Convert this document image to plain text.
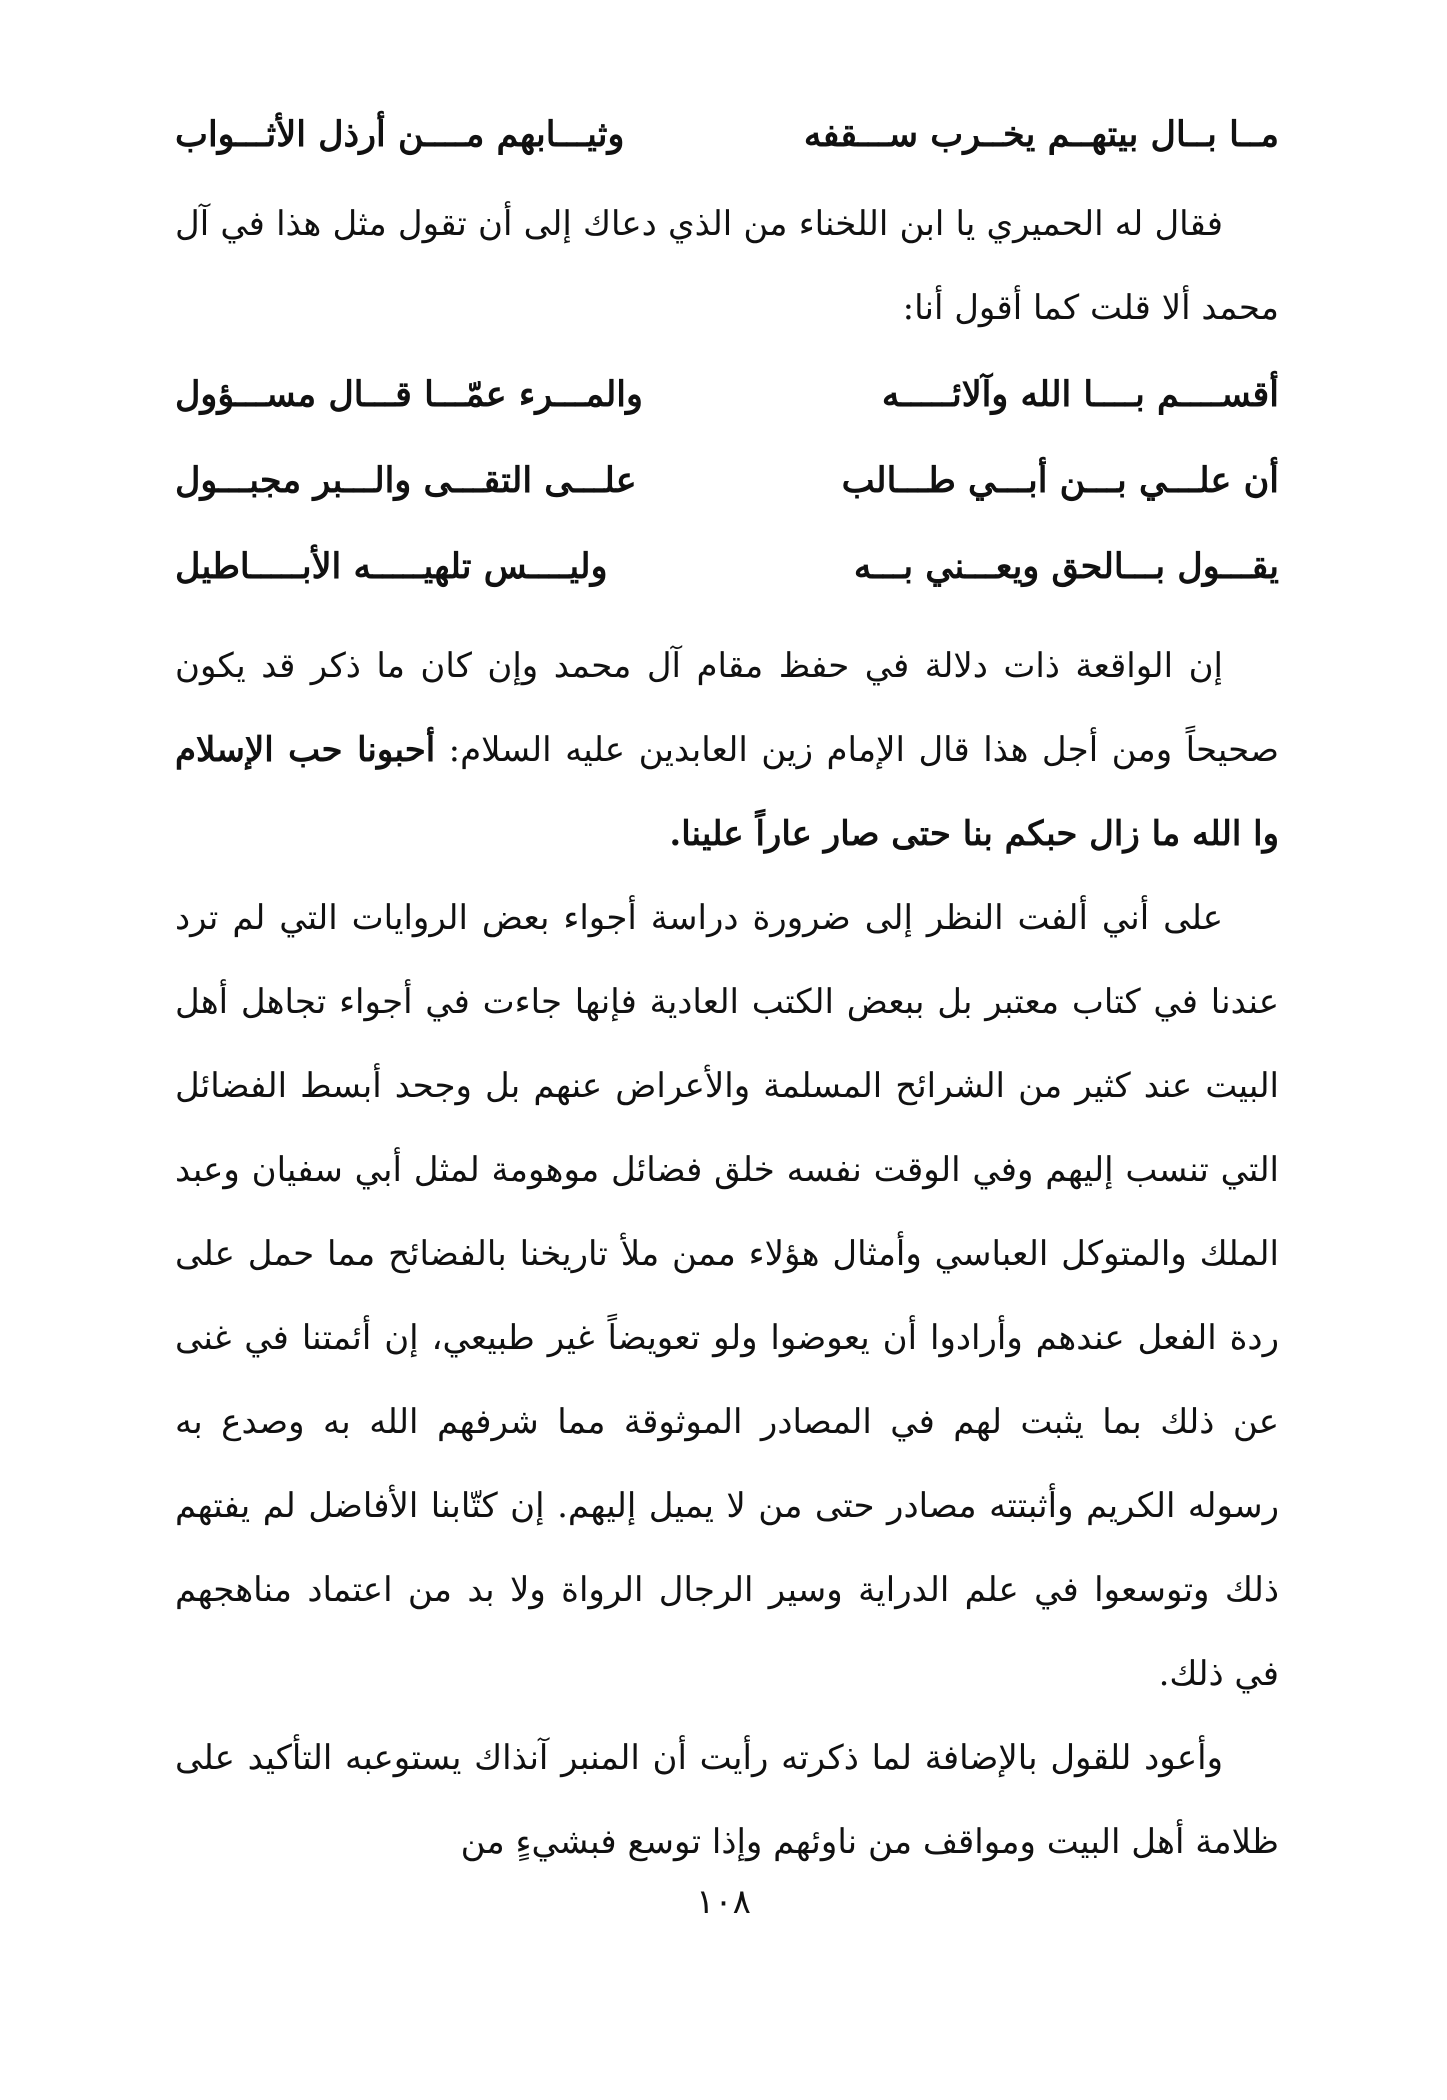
مــا بــال بيتهــم يخــرب ســـقفه
وثيـــابهم مــــن أرذل الأثـــواب

فقال له الحميري يا ابن اللخناء من الذي دعاك إلى أن تقول مثل هذا في آل محمد ألا قلت كما أقول أنا:

أقســــم بــــا الله وآلائـــــه
والمـــرء عمّـــا قـــال مســـؤول
أن علـــي بـــن أبـــي طـــالب
علـــى التقـــى والـــبر مجبـــول
يقـــول بـــالحق ويعـــني بـــه
وليــــس تلهيـــــه الأبـــــاطيل

إن الواقعة ذات دلالة في حفظ مقام آل محمد وإن كان ما ذكر قد يكون صحيحاً ومن أجل هذا قال الإمام زين العابدين عليه السلام: أحبونا حب الإسلام وا الله ما زال حبكم بنا حتى صار عاراً علينا.

على أني ألفت النظر إلى ضرورة دراسة أجواء بعض الروايات التي لم ترد عندنا في كتاب معتبر بل ببعض الكتب العادية فإنها جاءت في أجواء تجاهل أهل البيت عند كثير من الشرائح المسلمة والأعراض عنهم بل وجحد أبسط الفضائل التي تنسب إليهم وفي الوقت نفسه خلق فضائل موهومة لمثل أبي سفيان وعبد الملك والمتوكل العباسي وأمثال هؤلاء ممن ملأ تاريخنا بالفضائح مما حمل على ردة الفعل عندهم وأرادوا أن يعوضوا ولو تعويضاً غير طبيعي، إن أئمتنا في غنى عن ذلك بما يثبت لهم في المصادر الموثوقة مما شرفهم الله به وصدع به رسوله الكريم وأثبتته مصادر حتى من لا يميل إليهم. إن كتّابنا الأفاضل لم يفتهم ذلك وتوسعوا في علم الدراية وسير الرجال الرواة ولا بد من اعتماد مناهجهم في ذلك.

وأعود للقول بالإضافة لما ذكرته رأيت أن المنبر آنذاك يستوعبه التأكيد على ظلامة أهل البيت ومواقف من ناوئهم وإذا توسع فبشيءٍ من

١٠٨
